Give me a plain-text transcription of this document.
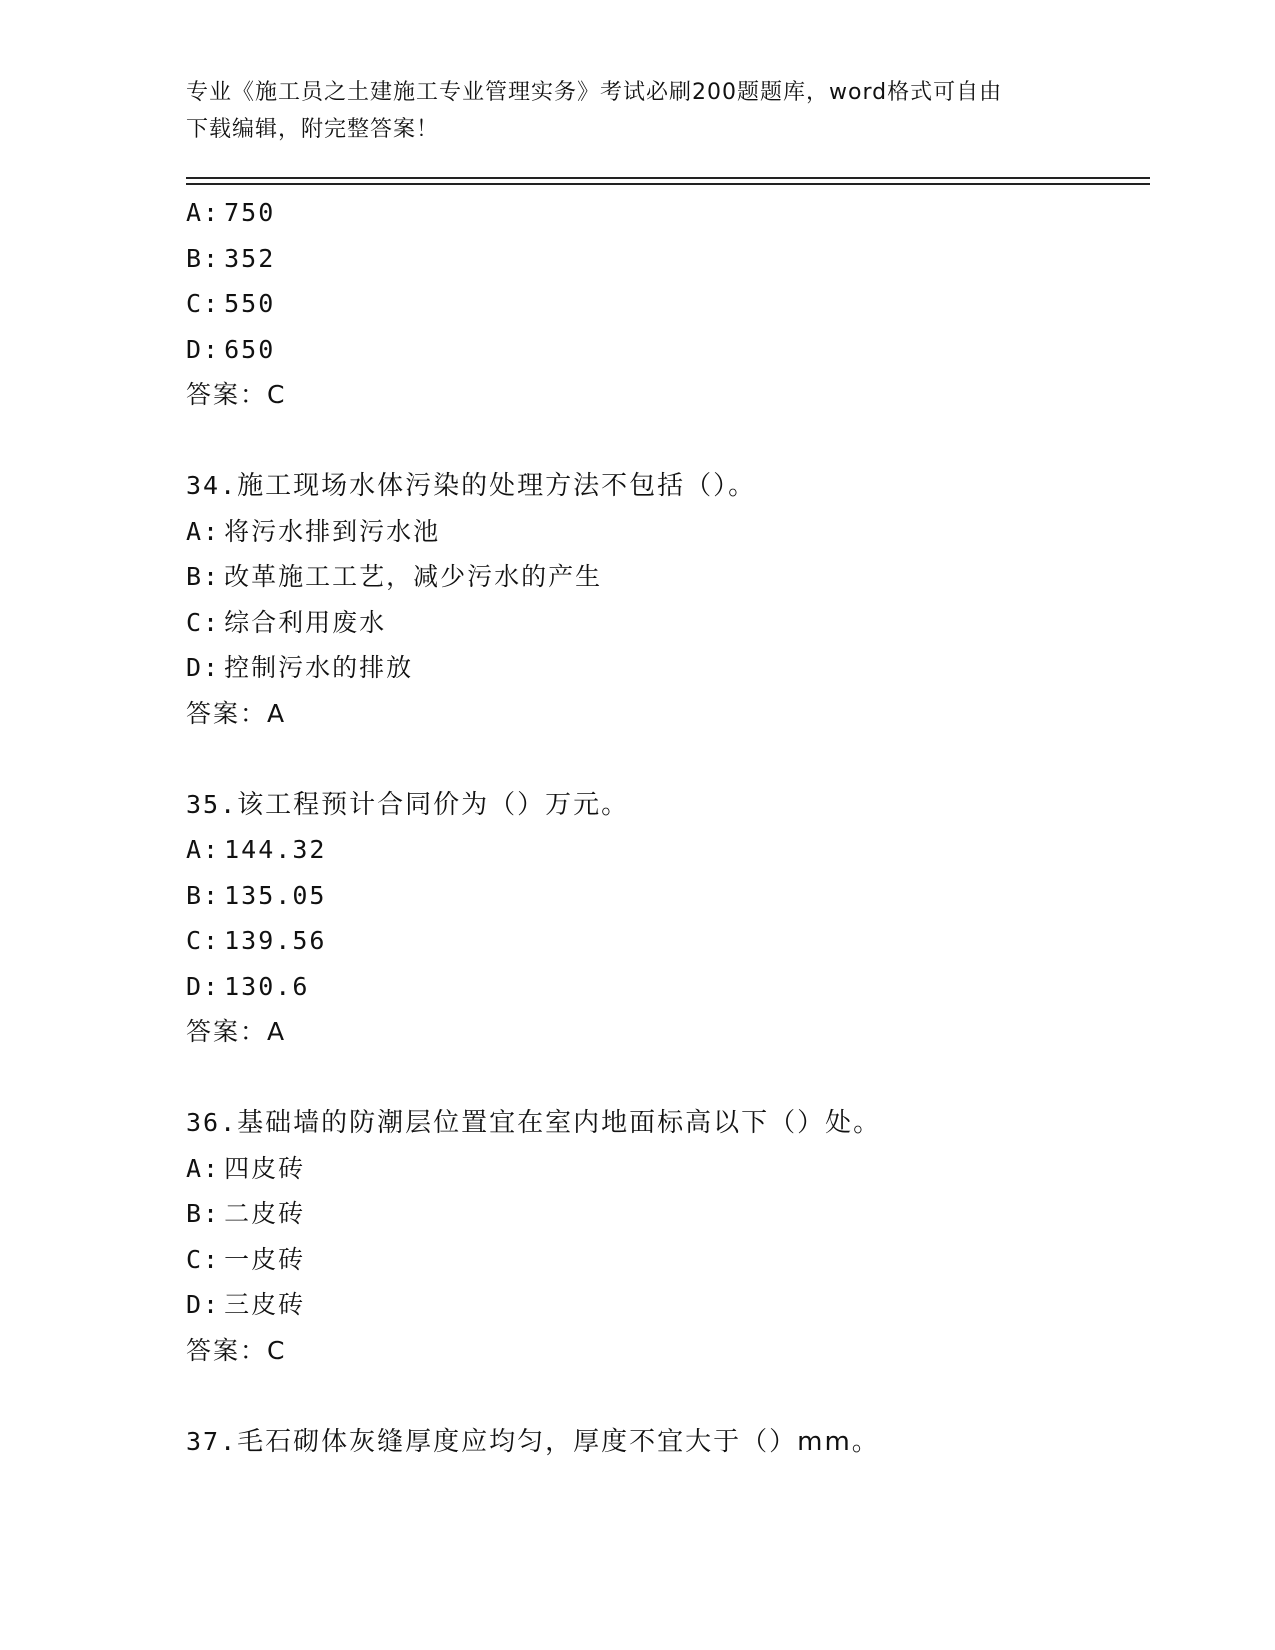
专业《施工员之土建施工专业管理实务》考试必刷200题题库，word格式可自由
下载编辑，附完整答案！
A: 750
B: 352
C: 550
D: 650
答案：C
34.施工现场水体污染的处理方法不包括（）。
A: 将污水排到污水池
B: 改革施工工艺，减少污水的产生
C: 综合利用废水
D: 控制污水的排放
答案：A
35.该工程预计合同价为（）万元。
A: 144.32
B: 135.05
C: 139.56
D: 130.6
答案：A
36.基础墙的防潮层位置宜在室内地面标高以下（）处。
A: 四皮砖
B: 二皮砖
C: 一皮砖
D: 三皮砖
答案：C
37.毛石砌体灰缝厚度应均匀，厚度不宜大于（）mm。
